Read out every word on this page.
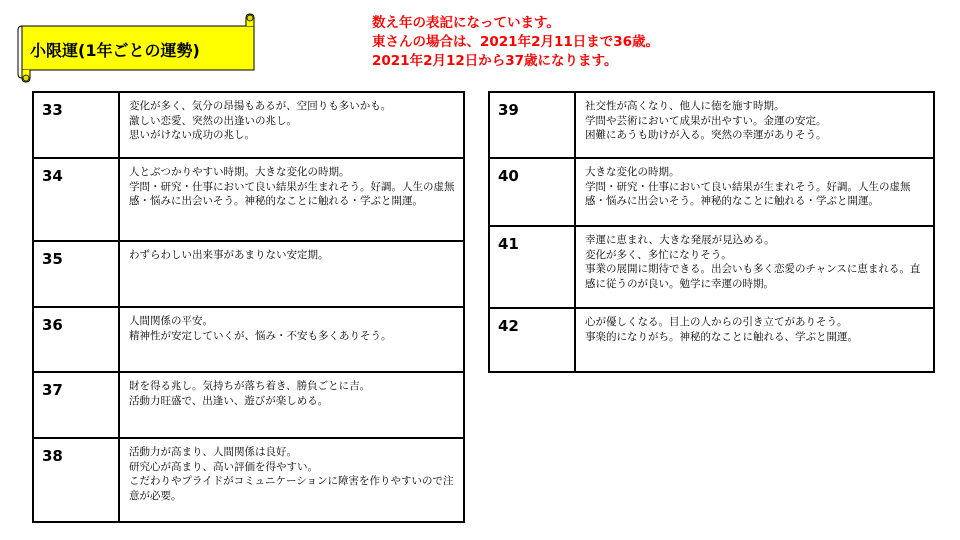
小限運(1年ごとの運勢)
数え年の表記になっています。
東さんの場合は、2021年2月11日まで36歳。
2021年2月12日から37歳になります。
33	変化が多く、気分の昂揚もあるが、空回りも多いかも。
激しい恋愛、突然の出逢いの兆し。
思いがけない成功の兆し。

34	人とぶつかりやすい時期。大きな変化の時期。
学問・研究・仕事において良い結果が生まれそう。好調。人生の虚無感・悩みに出会いそう。神秘的なことに触れる・学ぶと開運。

35	わずらわしい出来事があまりない安定期。

36	人間関係の平安。
精神性が安定していくが、悩み・不安も多くありそう。

37	財を得る兆し。気持ちが落ち着き、勝負ごとに吉。
活動力旺盛で、出逢い、遊びが楽しめる。

38	活動力が高まり、人間関係は良好。
研究心が高まり、高い評価を得やすい。
こだわりやプライドがコミュニケーションに障害を作りやすいので注意が必要。
39	社交性が高くなり、他人に徳を施す時期。
学問や芸術において成果が出やすい。金運の安定。
困難にあうも助けが入る。突然の幸運がありそう。

40	大きな変化の時期。
学問・研究・仕事において良い結果が生まれそう。好調。人生の虚無感・悩みに出会いそう。神秘的なことに触れる・学ぶと開運。

41	幸運に恵まれ、大きな発展が見込める。
変化が多く、多忙になりそう。
事業の展開に期待できる。出会いも多く恋愛のチャンスに恵まれる。直感に従うのが良い。勉学に幸運の時期。

42	心が優しくなる。目上の人からの引き立てがありそう。
事楽的になりがち。神秘的なことに触れる、学ぶと開運。
